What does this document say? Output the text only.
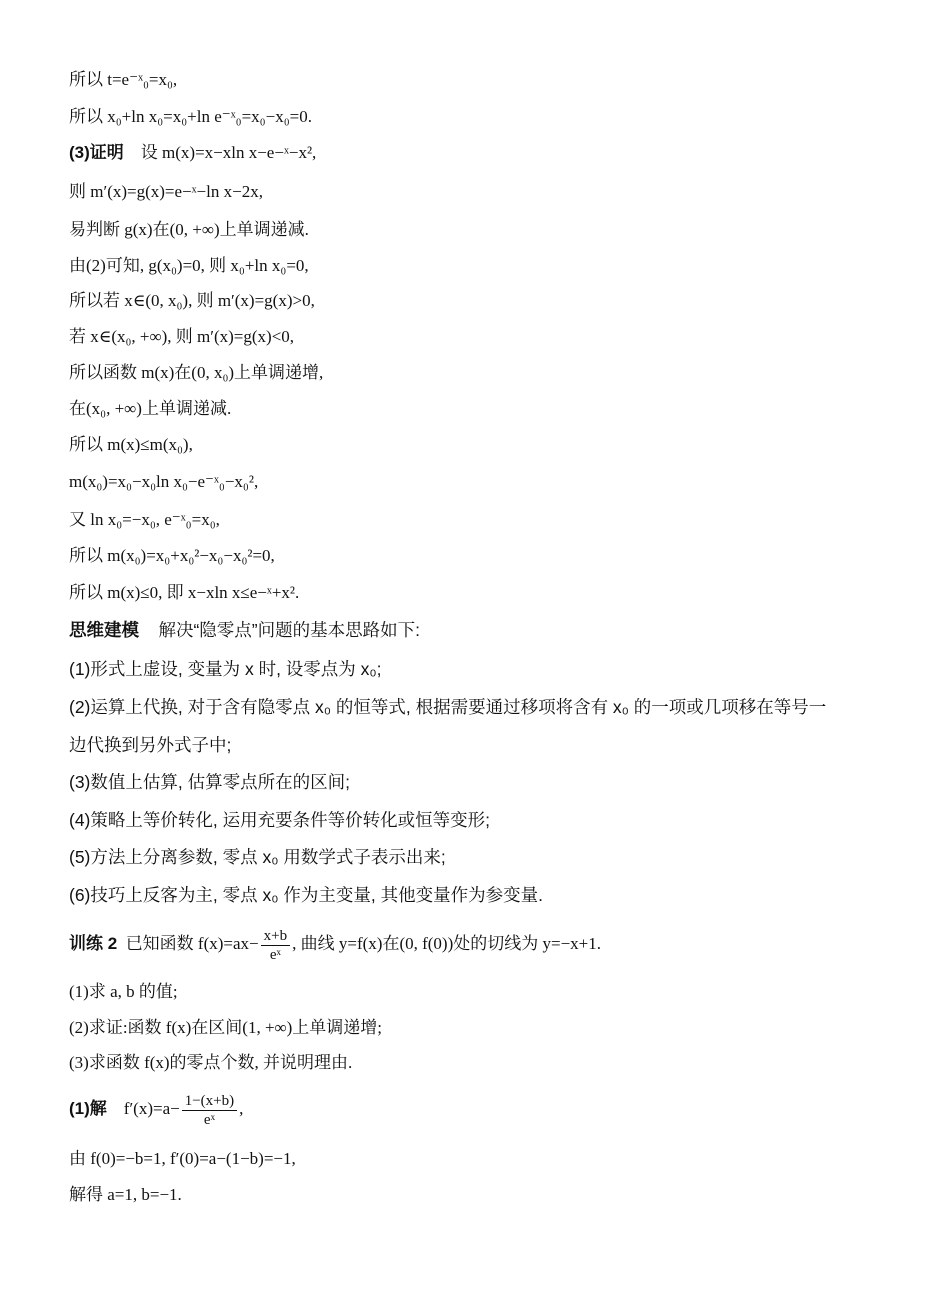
所以 t=e⁻ˣ₀=x₀,
所以 x₀+ln x₀=x₀+ln e⁻ˣ₀=x₀−x₀=0.
(3)证明 设 m(x)=x−xln x−e−ˣ−x²,
则 m′(x)=g(x)=e−ˣ−ln x−2x,
易判断 g(x)在(0, +∞)上单调递减.
由(2)可知, g(x₀)=0, 则 x₀+ln x₀=0,
所以若 x∈(0, x₀), 则 m′(x)=g(x)>0,
若 x∈(x₀, +∞), 则 m′(x)=g(x)<0,
所以函数 m(x)在(0, x₀)上单调递增,
在(x₀, +∞)上单调递减.
所以 m(x)≤m(x₀),
m(x₀)=x₀−x₀ln x₀−e⁻ˣ₀−x₀²,
又 ln x₀=−x₀, e⁻ˣ₀=x₀,
所以 m(x₀)=x₀+x₀²−x₀−x₀²=0,
所以 m(x)≤0, 即 x−xln x≤e−ˣ+x².
思维建模 解决“隐零点”问题的基本思路如下:
(1)形式上虚设, 变量为 x 时, 设零点为 x₀;
(2)运算上代换, 对于含有隐零点 x₀ 的恒等式, 根据需要通过移项将含有 x₀ 的一项或几项移在等号一
边代换到另外式子中;
(3)数值上估算, 估算零点所在的区间;
(4)策略上等价转化, 运用充要条件等价转化或恒等变形;
(5)方法上分离参数, 零点 x₀ 用数学式子表示出来;
(6)技巧上反客为主, 零点 x₀ 作为主变量, 其他变量作为参变量.
训练 2 已知函数 $f(x)=ax- \frac{x+b}{\text{eˣ}}$ , 曲线 y=f(x)在(0, f(0))处的切线为 y=−x+1.
(1)求 a, b 的值;
(2)求证:函数 f(x)在区间(1, +∞)上单调递增;
(3)求函数 f(x)的零点个数, 并说明理由.
(1)解 $f'(x)=a- \frac{1-(x+b)}{\text{eˣ}}$ ,
由 f(0)=−b=1, f′(0)=a−(1−b)=−1,
解得 a=1, b=−1.
